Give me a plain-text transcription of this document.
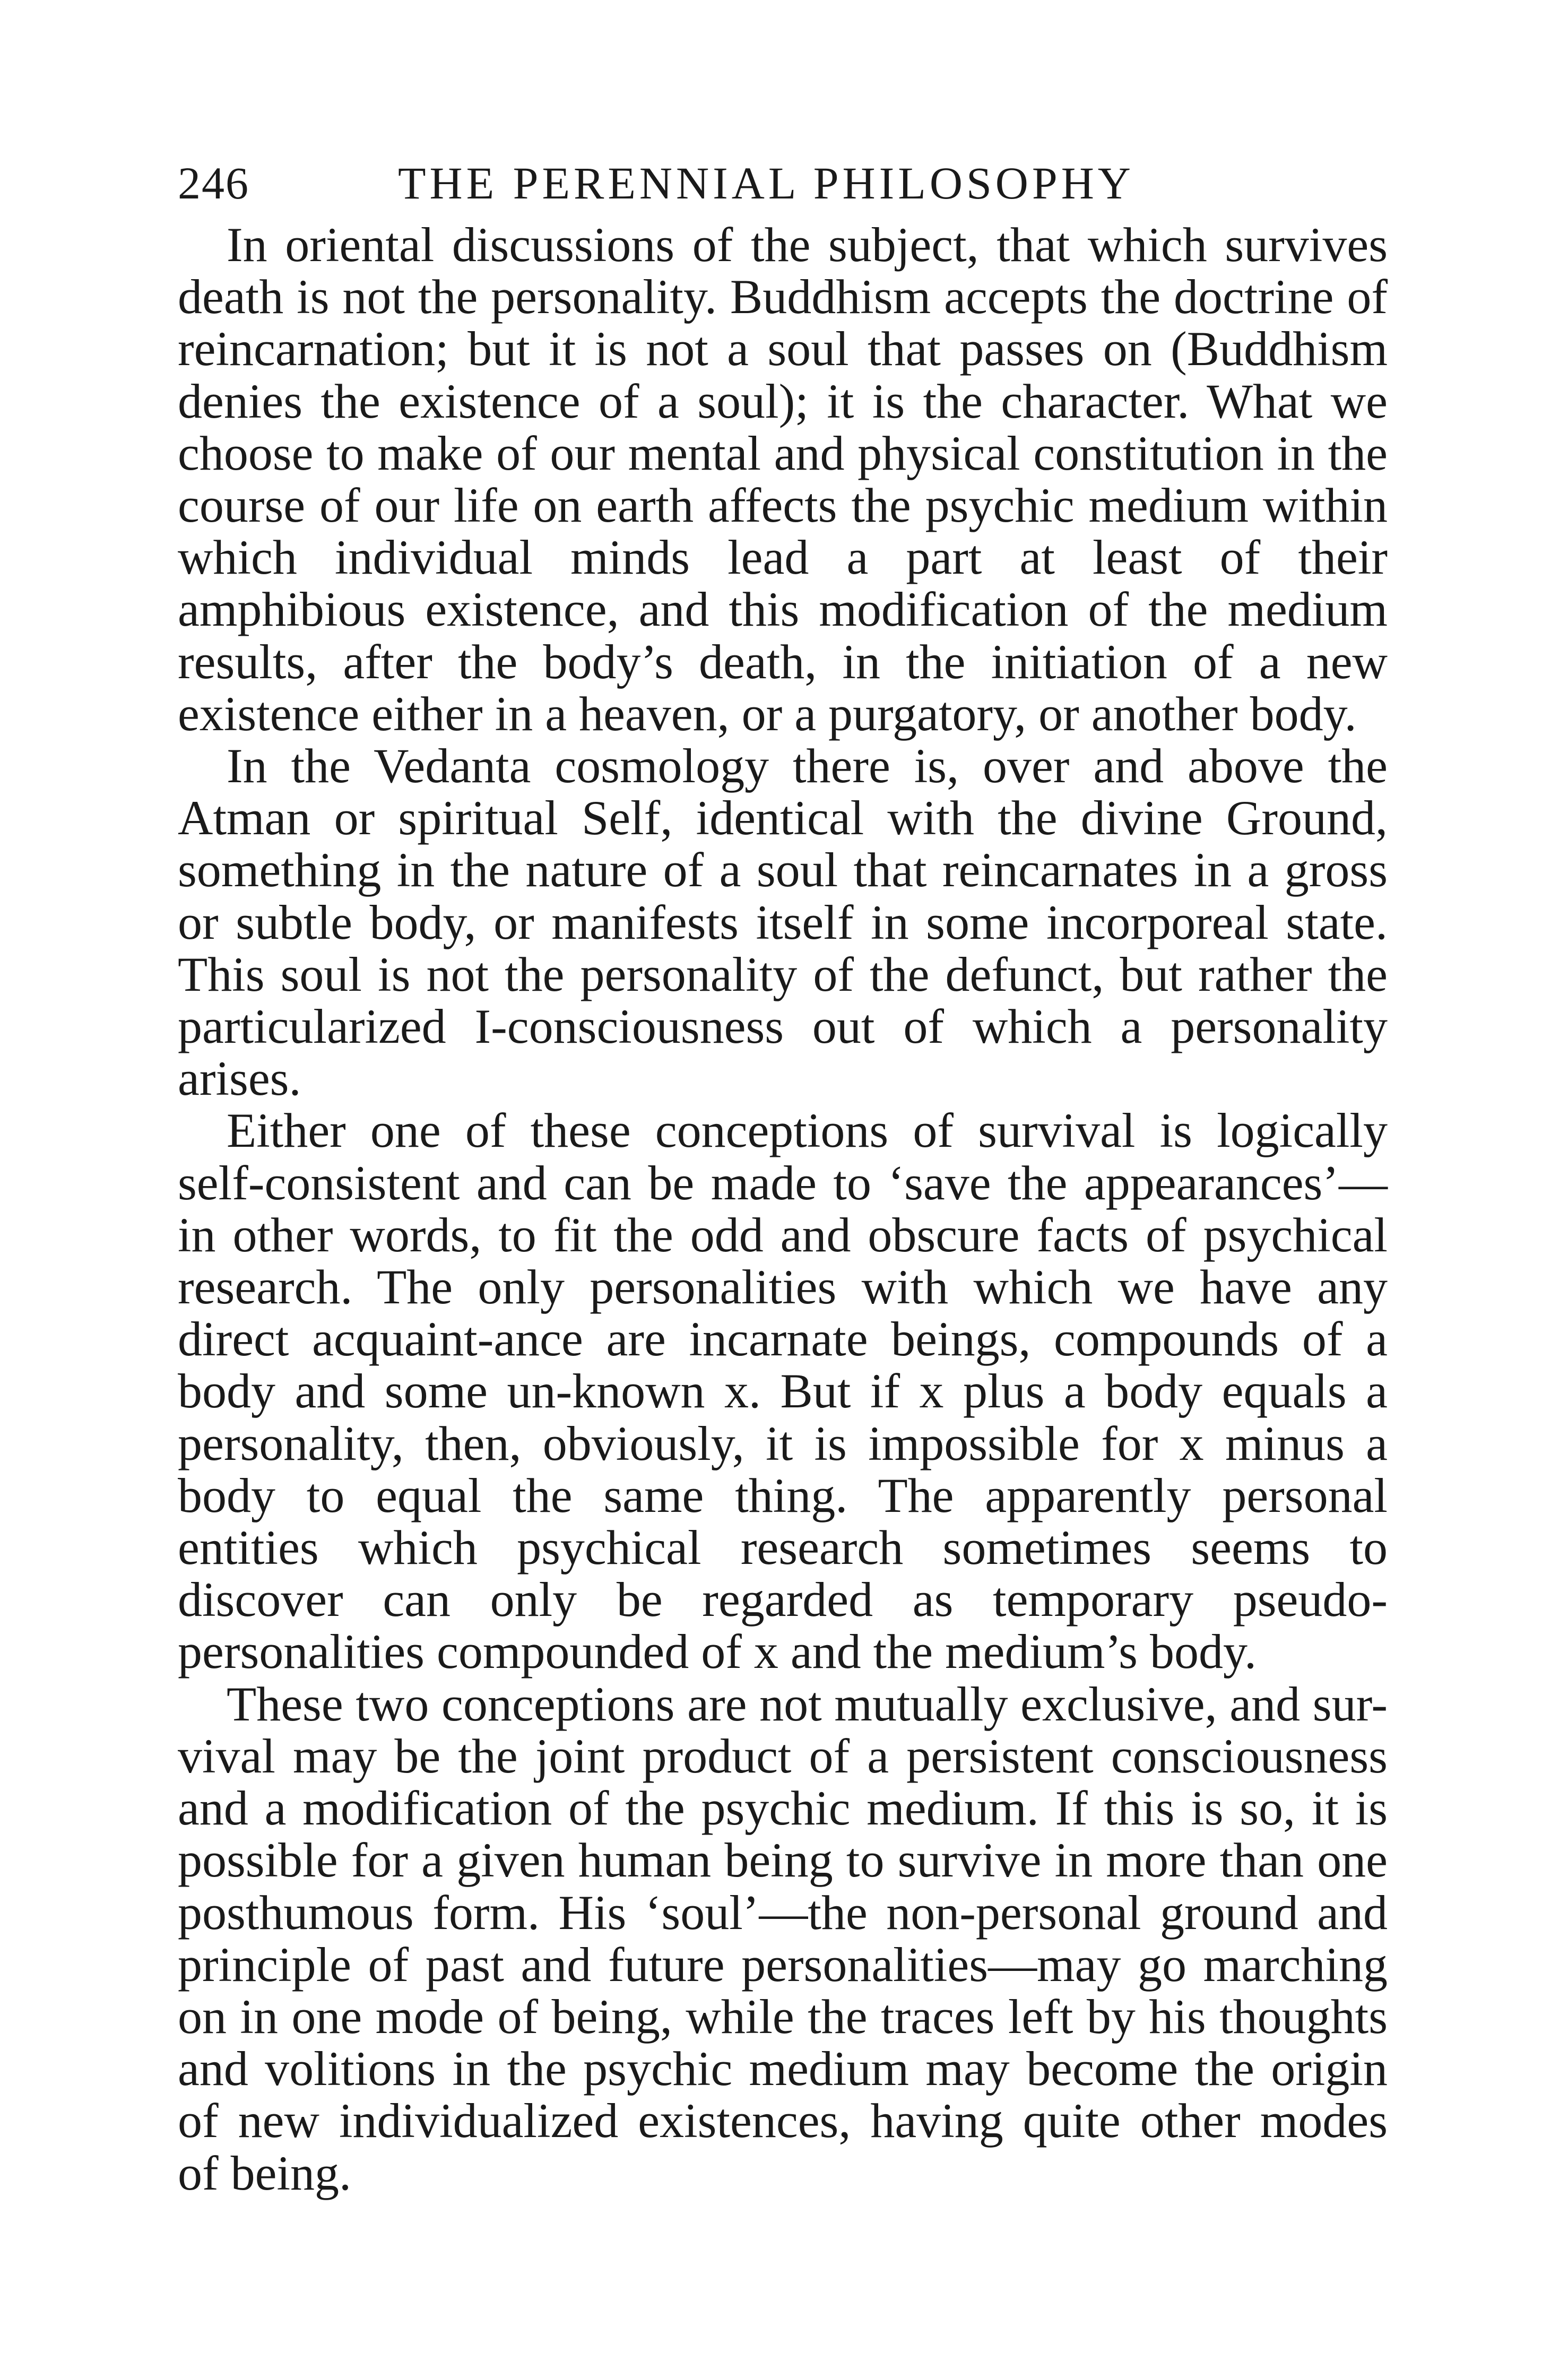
246	THE PERENNIAL PHILOSOPHY

In oriental discussions of the subject, that which survives death is not the personality. Buddhism accepts the doctrine of reincarnation; but it is not a soul that passes on (Buddhism denies the existence of a soul); it is the character. What we choose to make of our mental and physical constitution in the course of our life on earth affects the psychic medium within which individual minds lead a part at least of their amphibious existence, and this modification of the medium results, after the body’s death, in the initiation of a new existence either in a heaven, or a purgatory, or another body.

In the Vedanta cosmology there is, over and above the Atman or spiritual Self, identical with the divine Ground, something in the nature of a soul that reincarnates in a gross or subtle body, or manifests itself in some incorporeal state. This soul is not the personality of the defunct, but rather the particularized I-consciousness out of which a personality arises.

Either one of these conceptions of survival is logically self-consistent and can be made to ‘save the appearances’—in other words, to fit the odd and obscure facts of psychical research. The only personalities with which we have any direct acquaint-ance are incarnate beings, compounds of a body and some un-known x. But if x plus a body equals a personality, then, obviously, it is impossible for x minus a body to equal the same thing. The apparently personal entities which psychical research sometimes seems to discover can only be regarded as temporary pseudo-personalities compounded of x and the medium’s body.

These two conceptions are not mutually exclusive, and sur-vival may be the joint product of a persistent consciousness and a modification of the psychic medium. If this is so, it is possible for a given human being to survive in more than one posthumous form. His ‘soul’—the non-personal ground and principle of past and future personalities—may go marching on in one mode of being, while the traces left by his thoughts and volitions in the psychic medium may become the origin of new individualized existences, having quite other modes of being.
